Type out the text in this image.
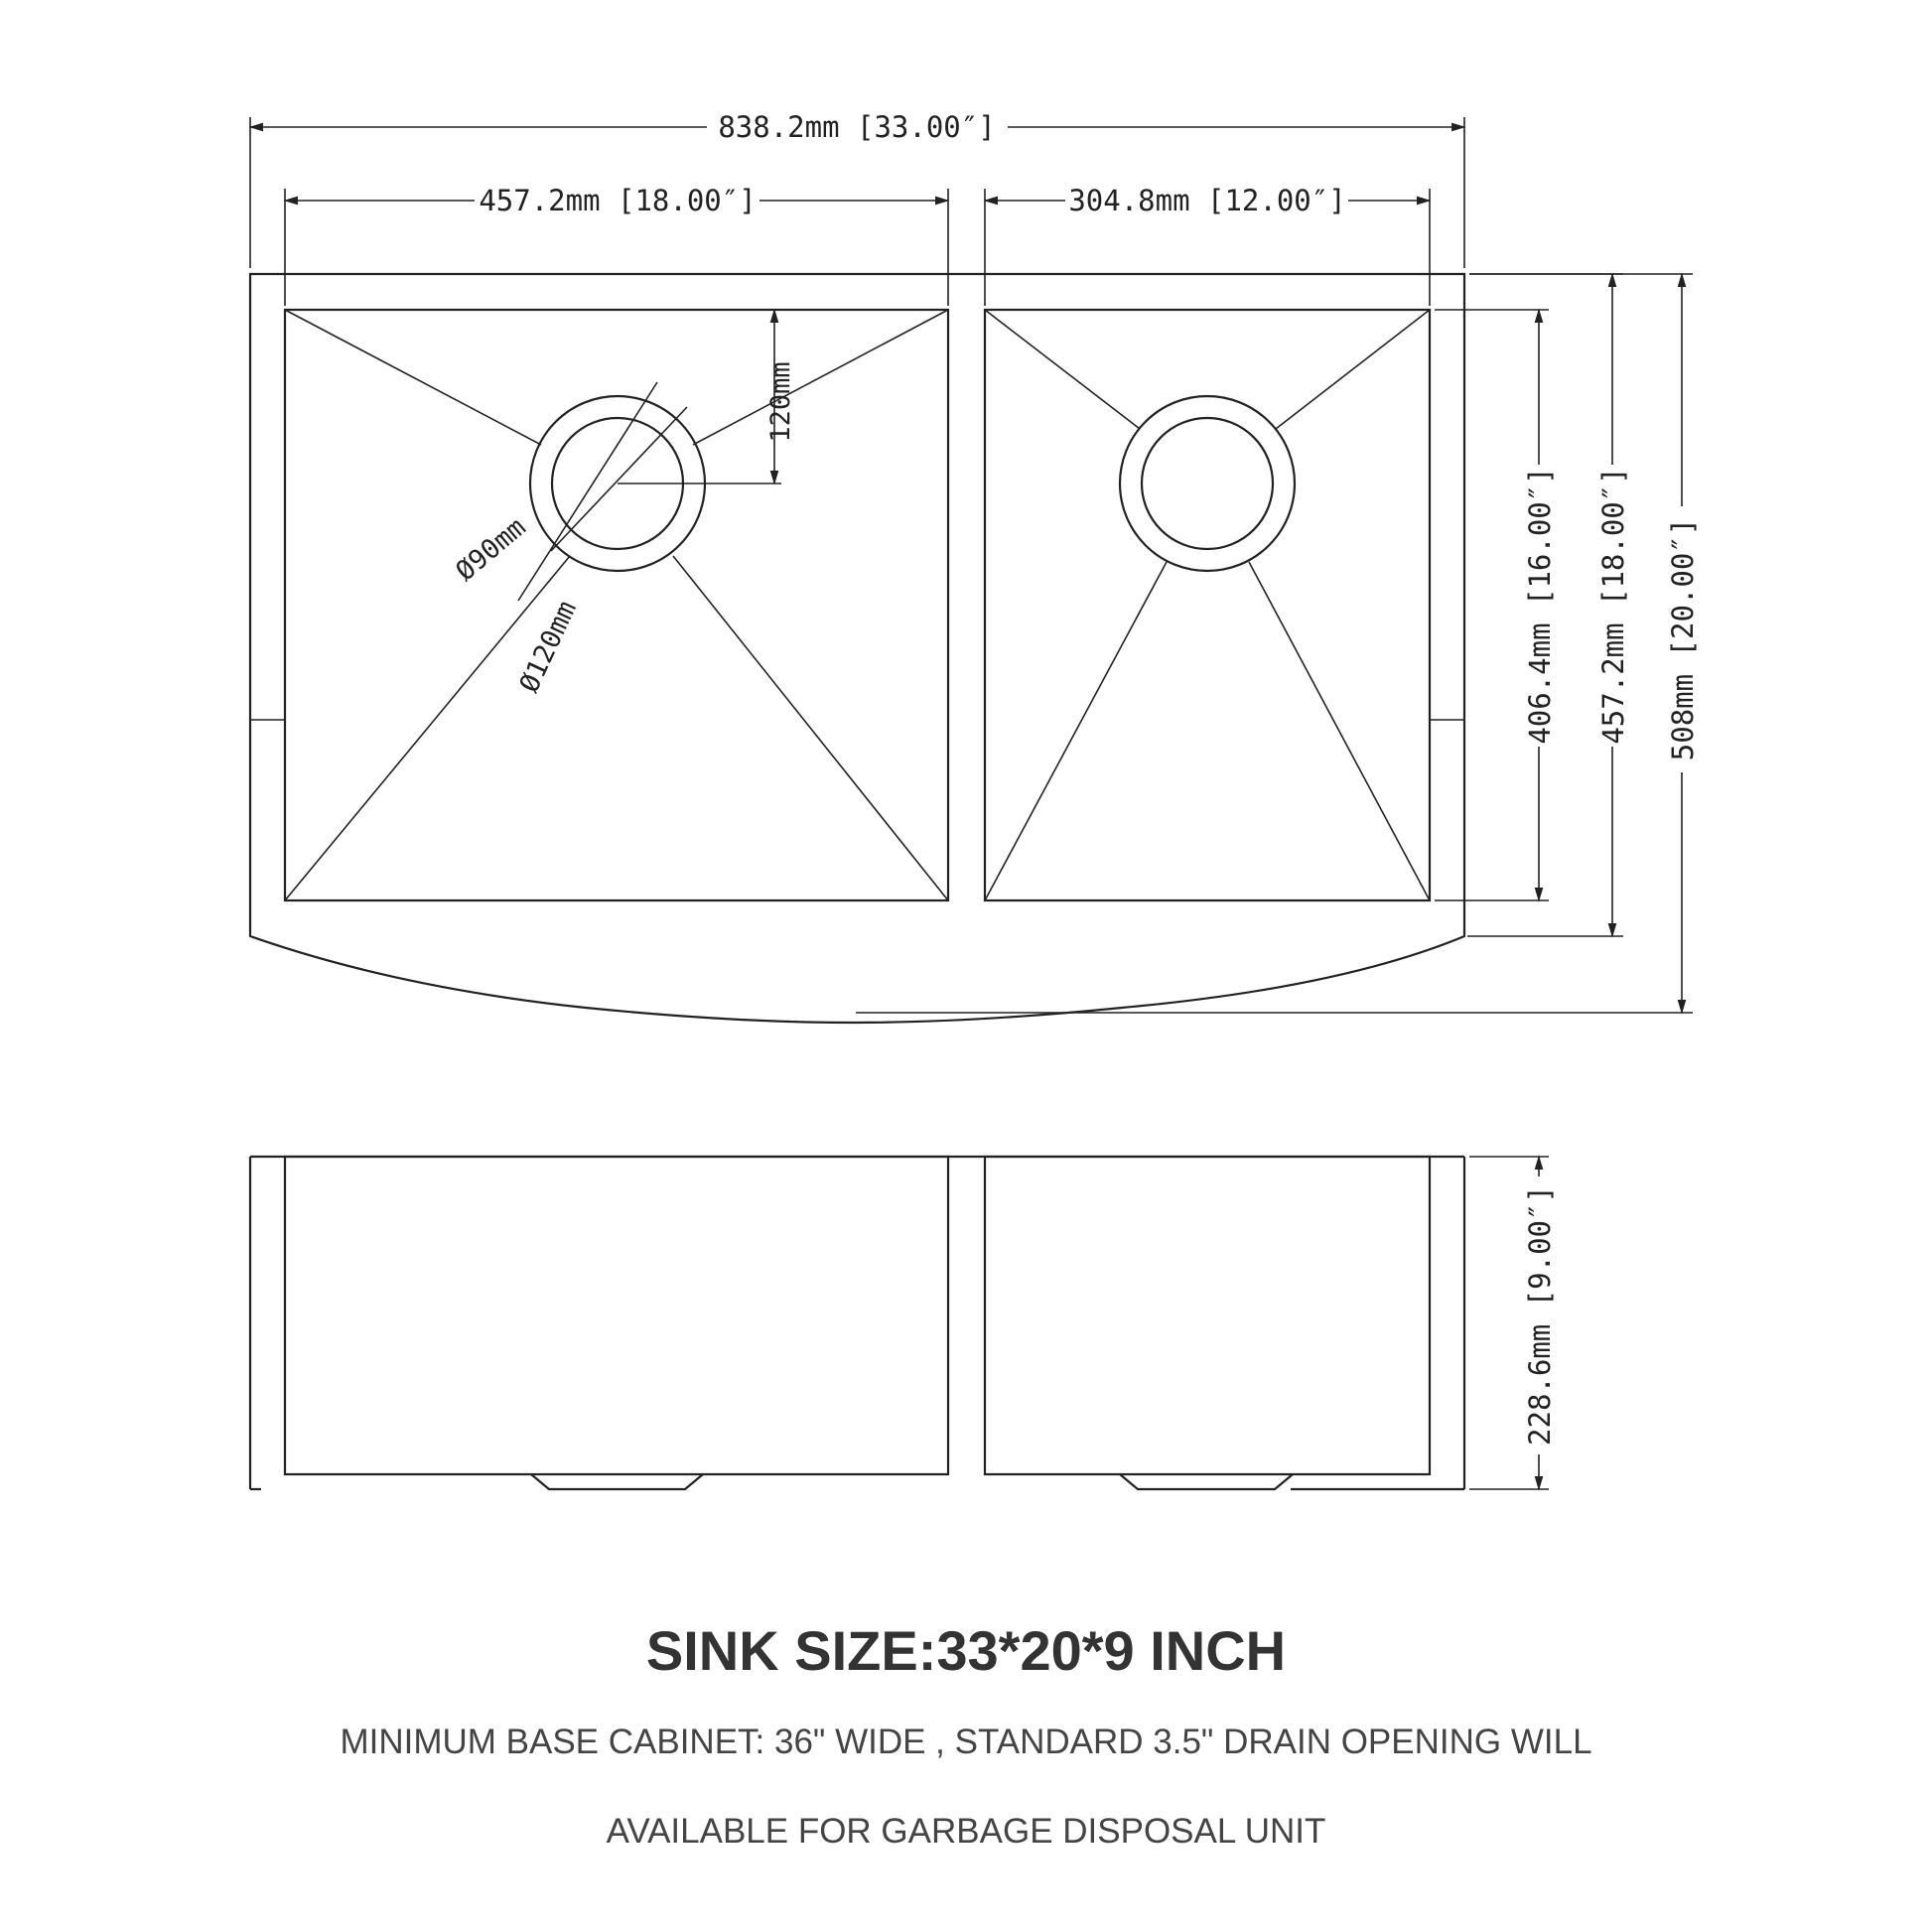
120mm
Ø90mm
Ø120mm
838.2mm [33.00″]
457.2mm [18.00″]	304.8mm [12.00″]
406.4mm [16.00″] 457.2mm [18.00″] 508mm [20.00″]
228.6mm [9.00″]
SINK SIZE:33*20*9 INCH
MINIMUM BASE CABINET: 36" WIDE , STANDARD 3.5" DRAIN OPENING WILL
AVAILABLE FOR GARBAGE DISPOSAL UNIT
